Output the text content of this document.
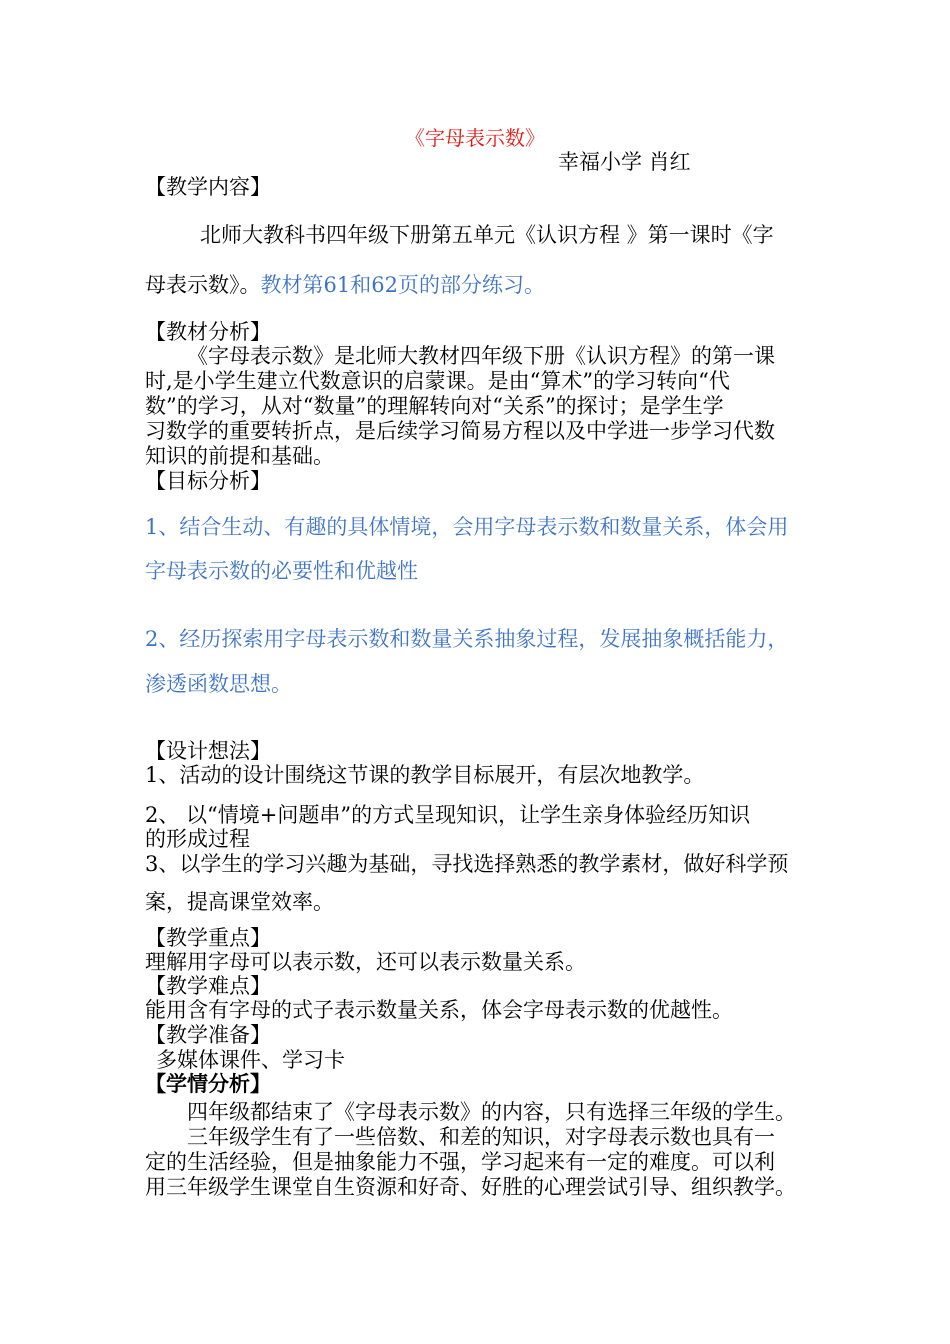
《字母表示数》
幸福小学 肖红
【教学内容】
北师大教科书四年级下册第五单元《认识方程 》第一课时《字
母表示数》。教材第61和62页的部分练习。
【教材分析】
《字母表示数》是北师大教材四年级下册《认识方程》的第一课
时,是小学生建立代数意识的启蒙课。是由“算术”的学习转向“代
数”的学习，从对“数量”的理解转向对“关系”的探讨；是学生学
习数学的重要转折点，是后续学习简易方程以及中学进一步学习代数
知识的前提和基础。
【目标分析】
1、结合生动、有趣的具体情境，会用字母表示数和数量关系，体会用
字母表示数的必要性和优越性
2、经历探索用字母表示数和数量关系抽象过程，发展抽象概括能力，
渗透函数思想。
【设计想法】
1、活动的设计围绕这节课的教学目标展开，有层次地教学。
2、 以“情境+问题串”的方式呈现知识，让学生亲身体验经历知识
的形成过程
3、以学生的学习兴趣为基础，寻找选择熟悉的教学素材，做好科学预
案，提高课堂效率。
【教学重点】
理解用字母可以表示数，还可以表示数量关系。
【教学难点】
能用含有字母的式子表示数量关系，体会字母表示数的优越性。
【教学准备】
多媒体课件、学习卡
【学情分析】
四年级都结束了《字母表示数》的内容，只有选择三年级的学生。
三年级学生有了一些倍数、和差的知识，对字母表示数也具有一
定的生活经验，但是抽象能力不强，学习起来有一定的难度。可以利
用三年级学生课堂自生资源和好奇、好胜的心理尝试引导、组织教学。
